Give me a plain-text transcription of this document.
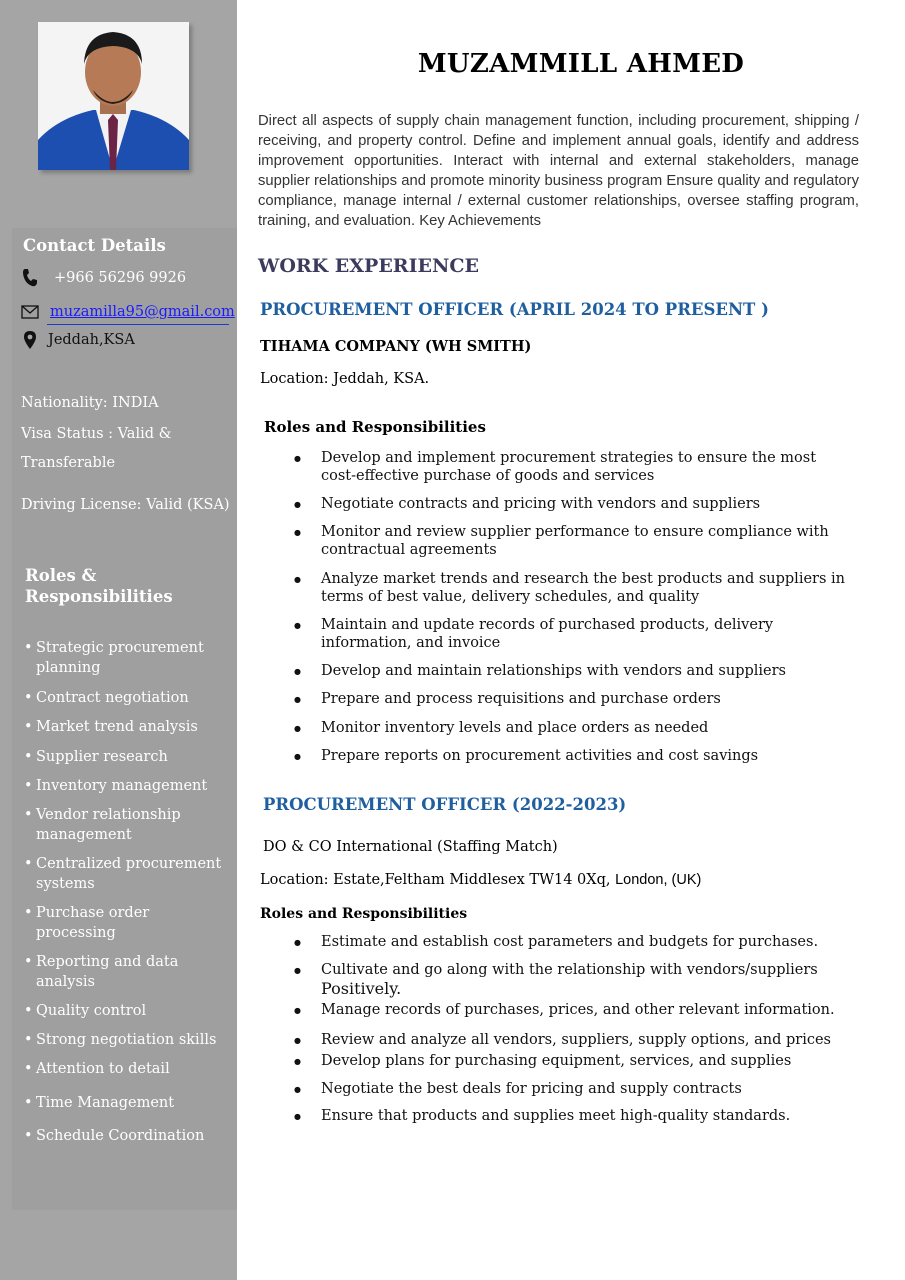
Contact Details
+966 56296 9926
muzamilla95@gmail.com
Jeddah,KSA
Nationality: INDIA
Visa Status : Valid & Transferable
Driving License: Valid (KSA)
Roles & Responsibilities
• Strategic procurement planning
• Contract negotiation
• Market trend analysis
• Supplier research
• Inventory management
• Vendor relationship management
• Centralized procurement systems
• Purchase order processing
• Reporting and data analysis
• Quality control
• Strong negotiation skills
• Attention to detail
• Time Management
• Schedule Coordination
MUZAMMILL AHMED
Direct all aspects of supply chain management function, including procurement, shipping / receiving, and property control. Define and implement annual goals, identify and address improvement opportunities. Interact with internal and external stakeholders, manage supplier relationships and promote minority business program Ensure quality and regulatory compliance, manage internal / external customer relationships, oversee staffing program, training, and evaluation. Key Achievements
WORK EXPERIENCE
PROCUREMENT OFFICER (APRIL 2024 TO PRESENT )
TIHAMA COMPANY (WH SMITH)
Location: Jeddah, KSA.
Roles and Responsibilities
● Develop and implement procurement strategies to ensure the most cost-effective purchase of goods and services
● Negotiate contracts and pricing with vendors and suppliers
● Monitor and review supplier performance to ensure compliance with contractual agreements
● Analyze market trends and research the best products and suppliers in terms of best value, delivery schedules, and quality
● Maintain and update records of purchased products, delivery information, and invoice
● Develop and maintain relationships with vendors and suppliers
● Prepare and process requisitions and purchase orders
● Monitor inventory levels and place orders as needed
● Prepare reports on procurement activities and cost savings
PROCUREMENT OFFICER (2022-2023)
DO & CO International (Staffing Match)
Location: Estate,Feltham Middlesex TW14 0Xq, London, (UK)
Roles and Responsibilities
● Estimate and establish cost parameters and budgets for purchases.
● Cultivate and go along with the relationship with vendors/suppliers
Positively.
● Manage records of purchases, prices, and other relevant information.
● Review and analyze all vendors, suppliers, supply options, and prices
● Develop plans for purchasing equipment, services, and supplies
● Negotiate the best deals for pricing and supply contracts
● Ensure that products and supplies meet high-quality standards.
